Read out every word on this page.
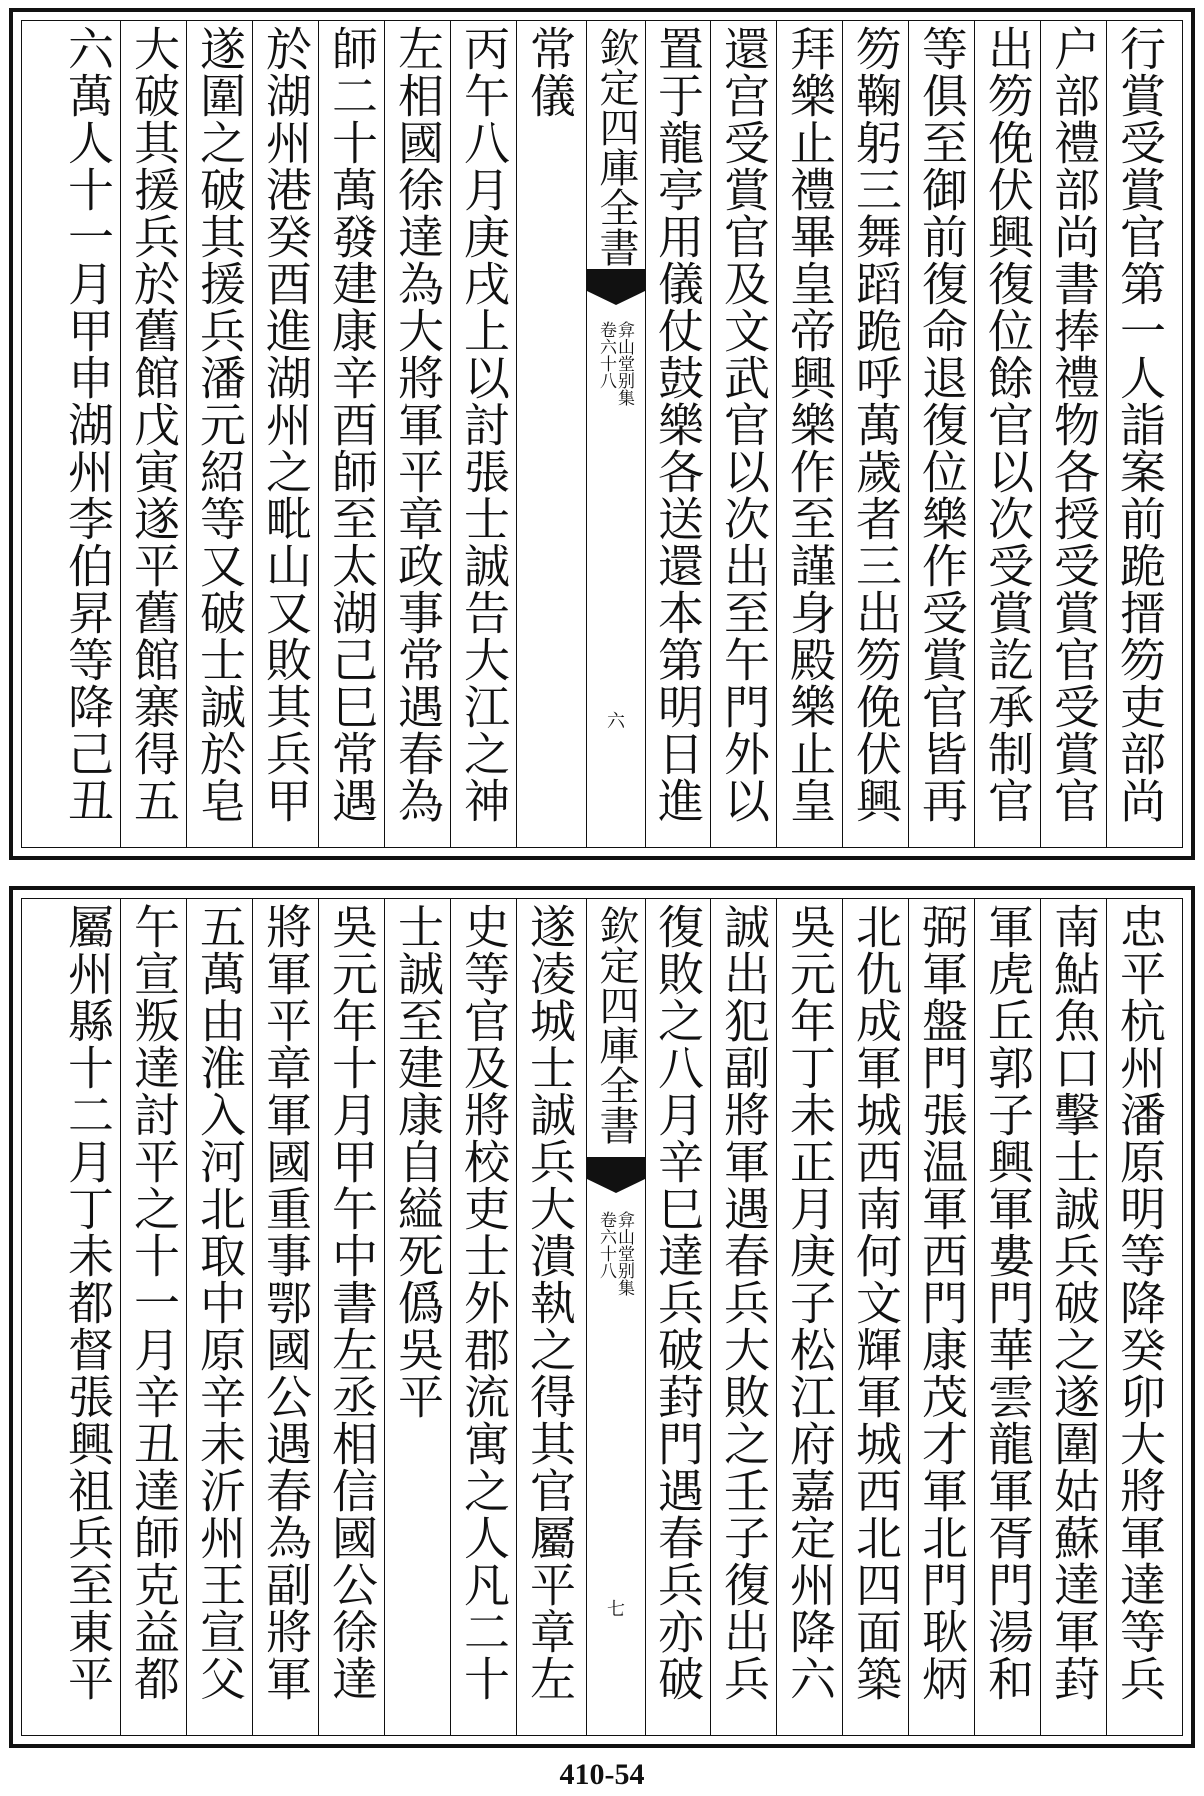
行賞受賞官第一人詣案前跪搢笏吏部尚
户部禮部尚書捧禮物各授受賞官受賞官
出笏俛伏興復位餘官以次受賞訖承制官
等俱至御前復命退復位樂作受賞官皆再
笏鞠躬三舞蹈跪呼萬歲者三出笏俛伏興
拜樂止禮畢皇帝興樂作至謹身殿樂止皇
還宫受賞官及文武官以次出至午門外以
置于龍亭用儀仗鼓樂各送還本第明日進
欽定四庫全書
弇山堂别集
卷六十八
六
常儀
丙午八月庚戌上以討張士誠告大江之神
左相國徐達為大將軍平章政事常遇春為
師二十萬發建康辛酉師至太湖己巳常遇
於湖州港癸酉進湖州之毗山又敗其兵甲
遂圍之破其援兵潘元紹等又破士誠於皂
大破其援兵於舊館戊寅遂平舊館寨得五
六萬人十一月甲申湖州李伯昇等降己丑
忠平杭州潘原明等降癸卯大將軍達等兵
南鮎魚口擊士誠兵破之遂圍姑蘇達軍葑
軍虎丘郭子興軍婁門華雲龍軍胥門湯和
弼軍盤門張温軍西門康茂才軍北門耿炳
北仇成軍城西南何文輝軍城西北四面築
吳元年丁未正月庚子松江府嘉定州降六
誠出犯副將軍遇春兵大敗之壬子復出兵
復敗之八月辛巳達兵破葑門遇春兵亦破
欽定四庫全書
弇山堂别集
卷六十八
七
遂凌城士誠兵大潰執之得其官屬平章左
史等官及將校吏士外郡流寓之人凡二十
士誠至建康自縊死僞吳平
吳元年十月甲午中書左丞相信國公徐達
將軍平章軍國重事鄂國公遇春為副將軍
五萬由淮入河北取中原辛未沂州王宣父
午宣叛達討平之十一月辛丑達師克益都
屬州縣十二月丁未都督張興祖兵至東平
410-54
